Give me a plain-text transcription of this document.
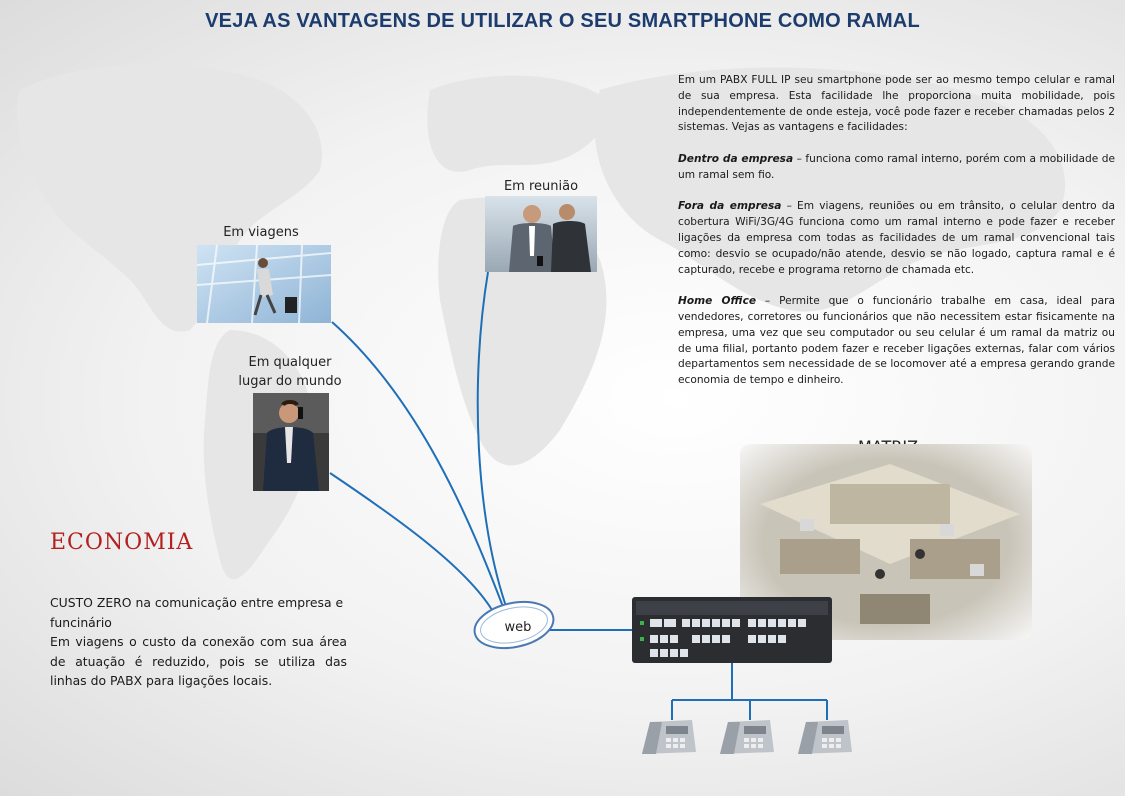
VEJA AS VANTAGENS DE UTILIZAR O SEU SMARTPHONE COMO RAMAL

Em um PABX FULL IP seu smartphone pode ser ao mesmo tempo celular e ramal de sua empresa. Esta facilidade lhe proporciona muita mobilidade, pois independentemente de onde esteja, você pode fazer e receber chamadas pelos 2 sistemas. Vejas as vantagens e facilidades:

Dentro da empresa – funciona como ramal interno, porém com a mobilidade de um ramal sem fio.

Fora da empresa – Em viagens, reuniões ou em trânsito, o celular dentro da cobertura WiFi/3G/4G funciona como um ramal interno e pode fazer e receber ligações da empresa com todas as facilidades de um ramal convencional tais como: desvio se ocupado/não atende, desvio se não logado, captura ramal e é capturado, recebe e programa retorno de chamada etc.

Home Office – Permite que o funcionário trabalhe em casa, ideal para vendedores, corretores ou funcionários que não necessitem estar fisicamente na empresa, uma vez que seu computador ou seu celular é um ramal da matriz ou de uma filial, portanto podem fazer e receber ligações externas, falar com vários departamentos sem necessidade de se locomover até a empresa gerando grande economia de tempo e dinheiro.

web
Em viagens
Em reunião
Em qualquer
lugar do mundo
ECONOMIA

CUSTO ZERO na comunicação entre empresa e funcinário

Em viagens o custo da conexão com sua área de atuação é reduzido, pois se utiliza das linhas do PABX para ligações locais.
